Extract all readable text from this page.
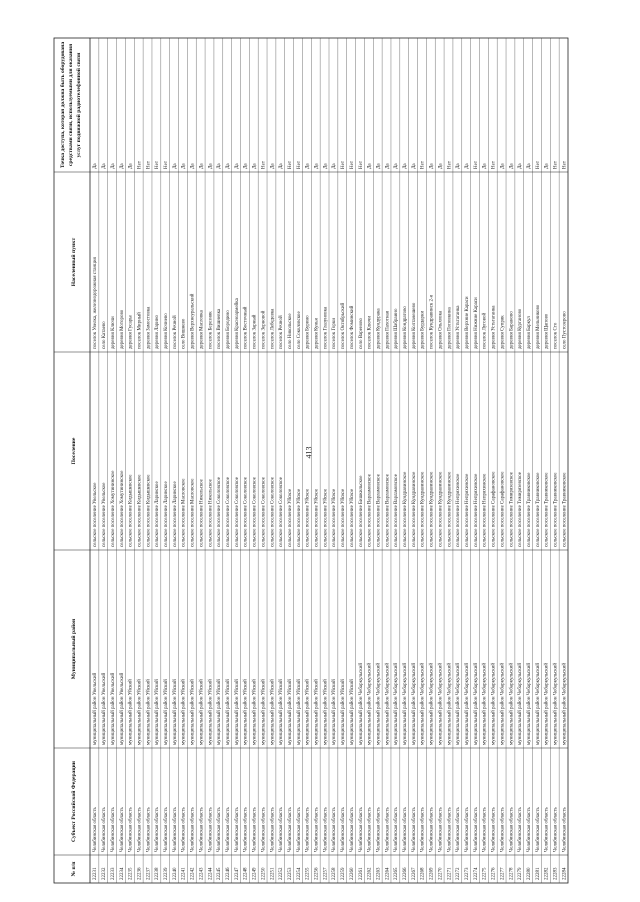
№ п/п
Субъект Российской Федерации
Муниципальный район
Поселение
Населенный пункт
Точка доступа, которая должна быть оборудована средствами связи, используемыми для оказания услуг подвижной радиотелефонной связи
Да
поселок Увелка, железнодорожная станция
сельское поселение Увельское
муниципальный район Увельский
Челябинская область
22231
Да
село Катаево
сельское поселение Увельское
муниципальный район Увельский
Челябинская область
22232
Да
деревня Ключи
сельское поселение Хомутининское
муниципальный район Увельский
Челябинская область
22233
Да
деревня Моторово
сельское поселение Хомутининское
муниципальный район Увельский
Челябинская область
22234
Да
деревня Гусары
сельское поселение Кидышевское
муниципальный район Уйский
Челябинская область
22235
Нет
поселок Мирный
сельское поселение Кидышевское
муниципальный район Уйский
Челябинская область
22236
Нет
деревня Замостовка
сельское поселение Кидышевское
муниципальный район Уйский
Челябинская область
22237
Нет
деревня Ларино
сельское поселение Ларинское
муниципальный район Уйский
Челябинская область
22238
Нет
деревня Кочнево
сельское поселение Ларинское
муниципальный район Уйский
Челябинская область
22239
Да
поселок Речной
сельское поселение Ларинское
муниципальный район Уйский
Челябинская область
22240
Да
село Вишнево
сельское поселение Масловское
муниципальный район Уйский
Челябинская область
22241
Да
деревня Верхнеуральский
сельское поселение Масловское
муниципальный район Уйский
Челябинская область
22242
Да
деревня Масловка
сельское поселение Никольское
муниципальный район Уйский
Челябинская область
22243
Да
поселок Березняк
сельское поселение Никольское
муниципальный район Уйский
Челябинская область
22244
Да
поселок Вишневка
сельское поселение Соколовское
муниципальный район Уйский
Челябинская область
22245
Да
деревня Бородино
сельское поселение Соколовское
муниципальный район Уйский
Челябинская область
22246
Да
деревня Красноармейка
сельское поселение Соколовское
муниципальный район Уйский
Челябинская область
22247
Да
поселок Восточный
сельское поселение Соколовское
муниципальный район Уйский
Челябинская область
22248
Да
поселок Зарный
сельское поселение Соколовское
муниципальный район Уйский
Челябинская область
22249
Нет
поселок Зерновой
сельское поселение Соколовское
муниципальный район Уйский
Челябинская область
22250
Да
поселок Лебедевка
сельское поселение Соколовское
муниципальный район Уйский
Челябинская область
22251
Да
поселок Речной
сельское поселение Соколовское
муниципальный район Уйский
Челябинская область
22252
Нет
село Никольское
сельское поселение Уйское
муниципальный район Уйский
Челябинская область
22253
Нет
село Соколовское
сельское поселение Уйское
муниципальный район Уйский
Челябинская область
22254
Да
деревня Бурино
сельское поселение Уйское
муниципальный район Уйский
Челябинская область
22255
Да
деревня Кунья
сельское поселение Уйское
муниципальный район Уйский
Челябинская область
22256
Да
поселок Глазуновка
сельское поселение Уйское
муниципальный район Уйский
Челябинская область
22257
Да
поселок Горки
сельское поселение Уйское
муниципальный район Уйский
Челябинская область
22258
Нет
поселок Октябрьский
сельское поселение Уйское
муниципальный район Уйский
Челябинская область
22259
Нет
поселок Фоминский
сельское поселение Уйское
муниципальный район Уйский
Челябинская область
22260
Нет
село Вареново
сельское поселение Бишкильское
муниципальный район Чебаркульский
Челябинская область
22261
Да
поселок Ключи
сельское поселение Варламовское
муниципальный район Чебаркульский
Челябинская область
22262
Да
деревня Кундурака
сельское поселение Варламовское
муниципальный район Чебаркульский
Челябинская область
22263
Да
деревня Пахотная
сельское поселение Варламовское
муниципальный район Чебаркульский
Челябинская область
22264
Да
деревня Шабраино
сельское поселение Варламовское
муниципальный район Чебаркульский
Челябинская область
22265
Да
деревня Кондратово
сельское поселение Кундравинское
муниципальный район Чебаркульский
Челябинская область
22266
Да
деревня Колтанешево
сельское поселение Кундравинское
муниципальный район Чебаркульский
Челябинская область
22267
Нет
деревня Бурдарки
сельское поселение Кундравинское
муниципальный район Чебаркульский
Челябинская область
22268
Да
поселок Кундравинск 2-я
сельское поселение Кундравинское
муниципальный район Чебаркульский
Челябинская область
22269
Да
деревня Ольховка
сельское поселение Кундравинское
муниципальный район Чебаркульский
Челябинская область
22270
Нет
деревня Поповкина
сельское поселение Кундравинское
муниципальный район Чебаркульский
Челябинская область
22271
Да
деревня Устьтаганка
сельское поселение Непряхинское
муниципальный район Чебаркульский
Челябинская область
22272
Да
деревня Верхние Караси
сельское поселение Непряхинское
муниципальный район Чебаркульский
Челябинская область
22273
Нет
деревня Нижние Караси
сельское поселение Непряхинское
муниципальный район Чебаркульский
Челябинская область
22274
Да
поселок Луговой
сельское поселение Непряхинское
муниципальный район Чебаркульский
Челябинская область
22275
Нет
деревня Устьтаганка
сельское поселение Сарафановское
муниципальный район Чебаркульский
Челябинская область
22276
Да
деревня Супряк
сельское поселение Сарафановское
муниципальный район Чебаркульский
Челябинская область
22277
Да
деревня Бараново
сельское поселение Тимирязевское
муниципальный район Чебаркульский
Челябинская область
22278
Да
деревня Курганово
сельское поселение Тимирязевское
муниципальный район Чебаркульский
Челябинская область
22279
Да
деревня Баркул
сельское поселение Травниковское
муниципальный район Чебаркульский
Челябинская область
22280
Нет
деревня Мельниково
сельское поселение Травниковское
муниципальный район Чебаркульский
Челябинская область
22281
Да
деревня Щапово
сельское поселение Травниковское
муниципальный район Чебаркульский
Челябинская область
22282
Нет
поселок Сто
сельское поселение Травниковское
муниципальный район Чебаркульский
Челябинская область
22283
Нет
село Пустозерово
сельское поселение Травниковское
муниципальный район Чебаркульский
Челябинская область
22284
413
